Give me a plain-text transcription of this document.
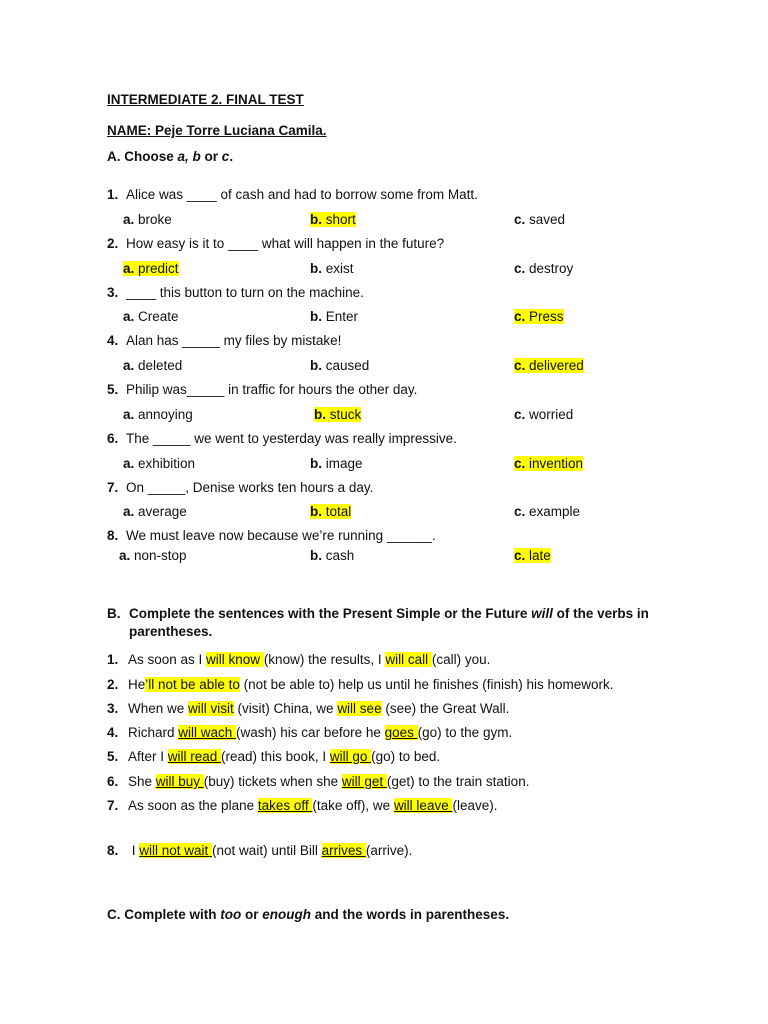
INTERMEDIATE 2. FINAL TEST
NAME: Peje Torre Luciana Camila.
A. Choose a, b or c.
1. Alice was ____ of cash and had to borrow some from Matt.
a. broke	b. short	c. saved
2. How easy is it to ____ what will happen in the future?
a. predict	b. exist	c. destroy
3. ____ this button to turn on the machine.
a. Create	b. Enter	c. Press
4. Alan has _____ my files by mistake!
a. deleted	b. caused	c. delivered
5. Philip was_____ in traffic for hours the other day.
a. annoying	b. stuck	c. worried
6. The _____ we went to yesterday was really impressive.
a. exhibition	b. image	c. invention
7. On _____, Denise works ten hours a day.
a. average	b. total	c. example
8. We must leave now because we’re running ______.
a. non-stop	b. cash	c. late
B. Complete the sentences with the Present Simple or the Future will of the verbs in parentheses.
1. As soon as I will know (know) the results, I will call (call) you.
2. He’ll not be able to (not be able to) help us until he finishes (finish) his homework.
3. When we will visit (visit) China, we will see (see) the Great Wall.
4. Richard will wach (wash) his car before he goes (go) to the gym.
5. After I will read (read) this book, I will go (go) to bed.
6. She will buy (buy) tickets when she will get (get) to the train station.
7. As soon as the plane takes off (take off), we will leave (leave).
8. I will not wait (not wait) until Bill arrives (arrive).
C. Complete with too or enough and the words in parentheses.
